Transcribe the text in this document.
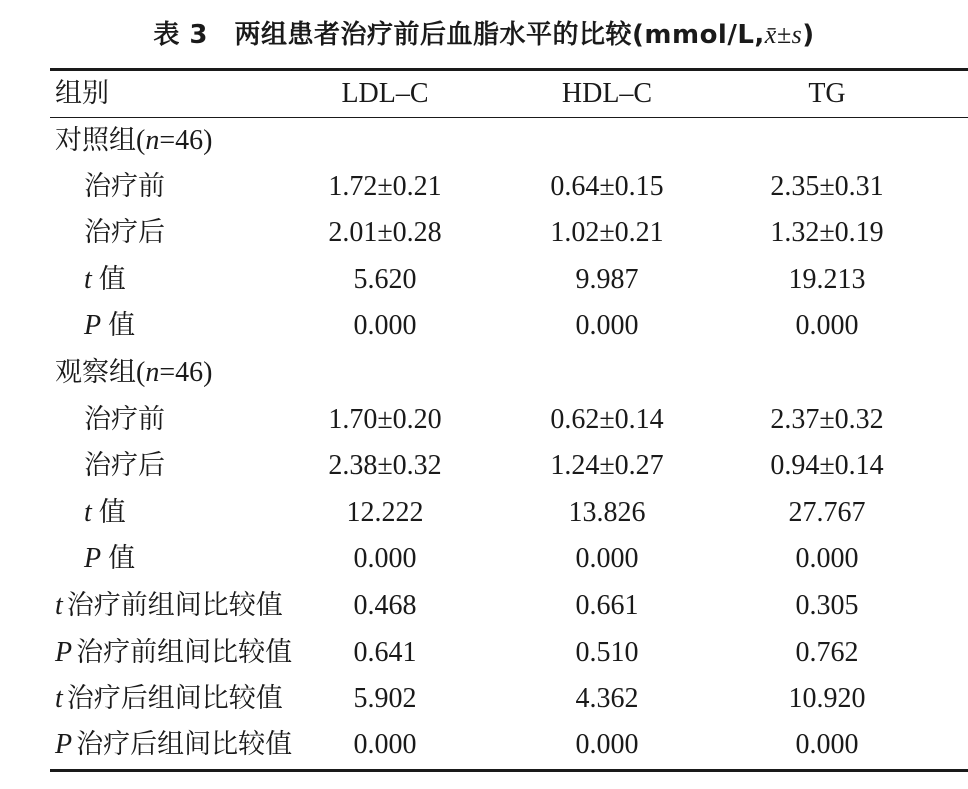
表 3　两组患者治疗前后血脂水平的比较(mmol/L,x̄±s)
组别	LDL–C	HDL–C	TG
对照组(n=46)
治疗前	1.72±0.21	0.64±0.15	2.35±0.31
治疗后	2.01±0.28	1.02±0.21	1.32±0.19
t 值	5.620	9.987	19.213
P 值	0.000	0.000	0.000
观察组(n=46)
治疗前	1.70±0.20	0.62±0.14	2.37±0.32
治疗后	2.38±0.32	1.24±0.27	0.94±0.14
t 值	12.222	13.826	27.767
P 值	0.000	0.000	0.000
t 治疗前组间比较值	0.468	0.661	0.305
P 治疗前组间比较值	0.641	0.510	0.762
t 治疗后组间比较值	5.902	4.362	10.920
P 治疗后组间比较值	0.000	0.000	0.000
